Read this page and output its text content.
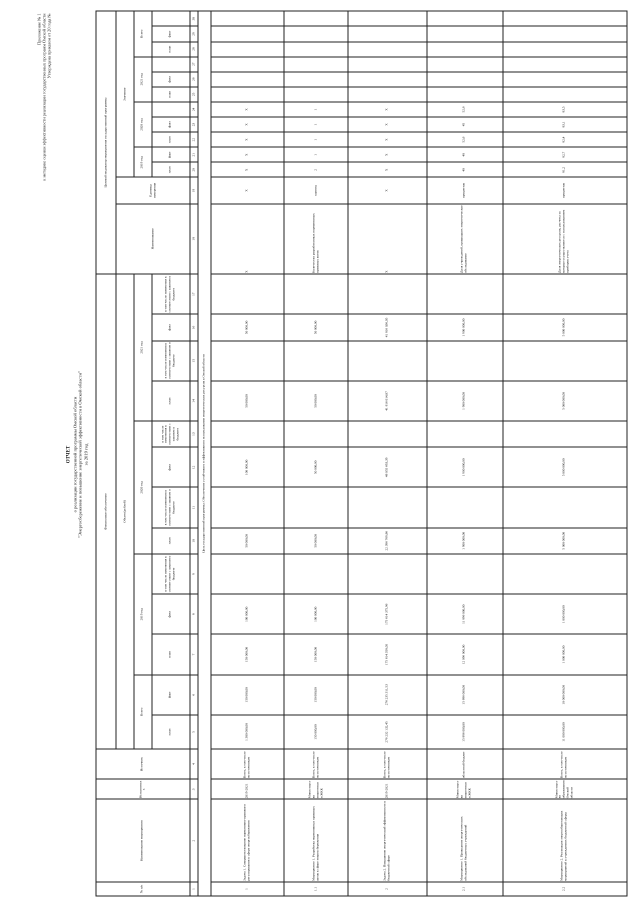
Приложение № 1 к методике оценки эффективности реализации государственных программ Омской области Утверждена приказом от 20 года №
ОТЧЕТ о реализации государственной программы Омской области "Энергосбережение и повышение энергетической эффективности в Омской области" за 2019 год
№ п/п	Наименование мероприятия	Исполнитель	Источник	Финансовое обеспечение													Целевой индикатор мероприятия государственной программы												
				Объем (рублей)													Наименование	Единица измерения	Значение										
				Всего		2019 год			2020 год				2021 год						2019 год		2020 год			2021 год			Всего		
				план	факт	план	факт	в том числе изменения в соответствии с законом о бюджете	план	в том числе изменения в соответствии с законом о бюджете	факт	в том числе изменения в соответствии с законом о бюджете	план	в том числе изменения в соответствии с законом о бюджете	факт	в том числе изменения в соответствии с законом о бюджете			план	факт	план	факт		план	факт		план	факт	
1	2	3	4	5	6	7	8	9	10	11	12	13	14	15	16	17	18	19	20	21	22	23	24	25	26	27	28	29	30
Цель государственной программы: Обеспечение устойчивого и эффективного использования энергетических ресурсов в Омской области																													
1	Задача 1. Совершенствование нормативно-правового регулирования в сфере энергосбережения	2019-2021	Всего, в том числе по источникам	1 300 000,00	150 000,00	150 000,00	100 000,00		50 000,00		100 000,00		50 000,00		50 000,00		X	X	X	X	X	X	X						
1.1	Мероприятие 1. Разработка нормативных правовых актов в сфере энергосбережения	Министерство энергетики и ЖКК	Всего, в том числе по источникам	150 000,00	150 000,00	150 000,00	100 000,00		50 000,00		50 000,00		50 000,00		50 000,00		Количество разработанных нормативных правовых актов	единиц	2	1	1	1	1						
2	Задача 2. Повышение энергетической эффективности в бюджетной сфере	2019-2021	Всего, в том числе по источникам	276 232 132,45	276 235 311,53	175 614 358,05	175 614 375,96		22 396 769,86		48 055 693,39		41 816 014,87		41 816 036,05		X	X	X	X	X	X	X						
2.1	Мероприятие 1. Проведение энергетических обследований бюджетных учреждений	Министерство энергетики и ЖКК	областной бюджет	15 896 000,00	15 896 000,00	12 096 000,00	11 896 000,00		1 900 000,00		1 900 000,00		1 900 000,00		1 900 000,00		Доля учреждений, прошедших энергетическое обследование	процентов	40	40	52,6	45	52,6						
2.2	Мероприятие 2. Реализация энергосберегающих мероприятий в учреждениях бюджетной сферы	Министерство образования Омской области	Всего, в том числе по источникам	11 000 000,00	10 000 000,00	1 000 000,00	1 000 000,00		5 000 000,00		5 000 000,00		5 000 000,00		5 000 000,00		Доля энергетических ресурсов, расчеты за которые осуществляются с использованием приборов учета	процентов	81,2	82,7	82,4	83,1	83,5						
